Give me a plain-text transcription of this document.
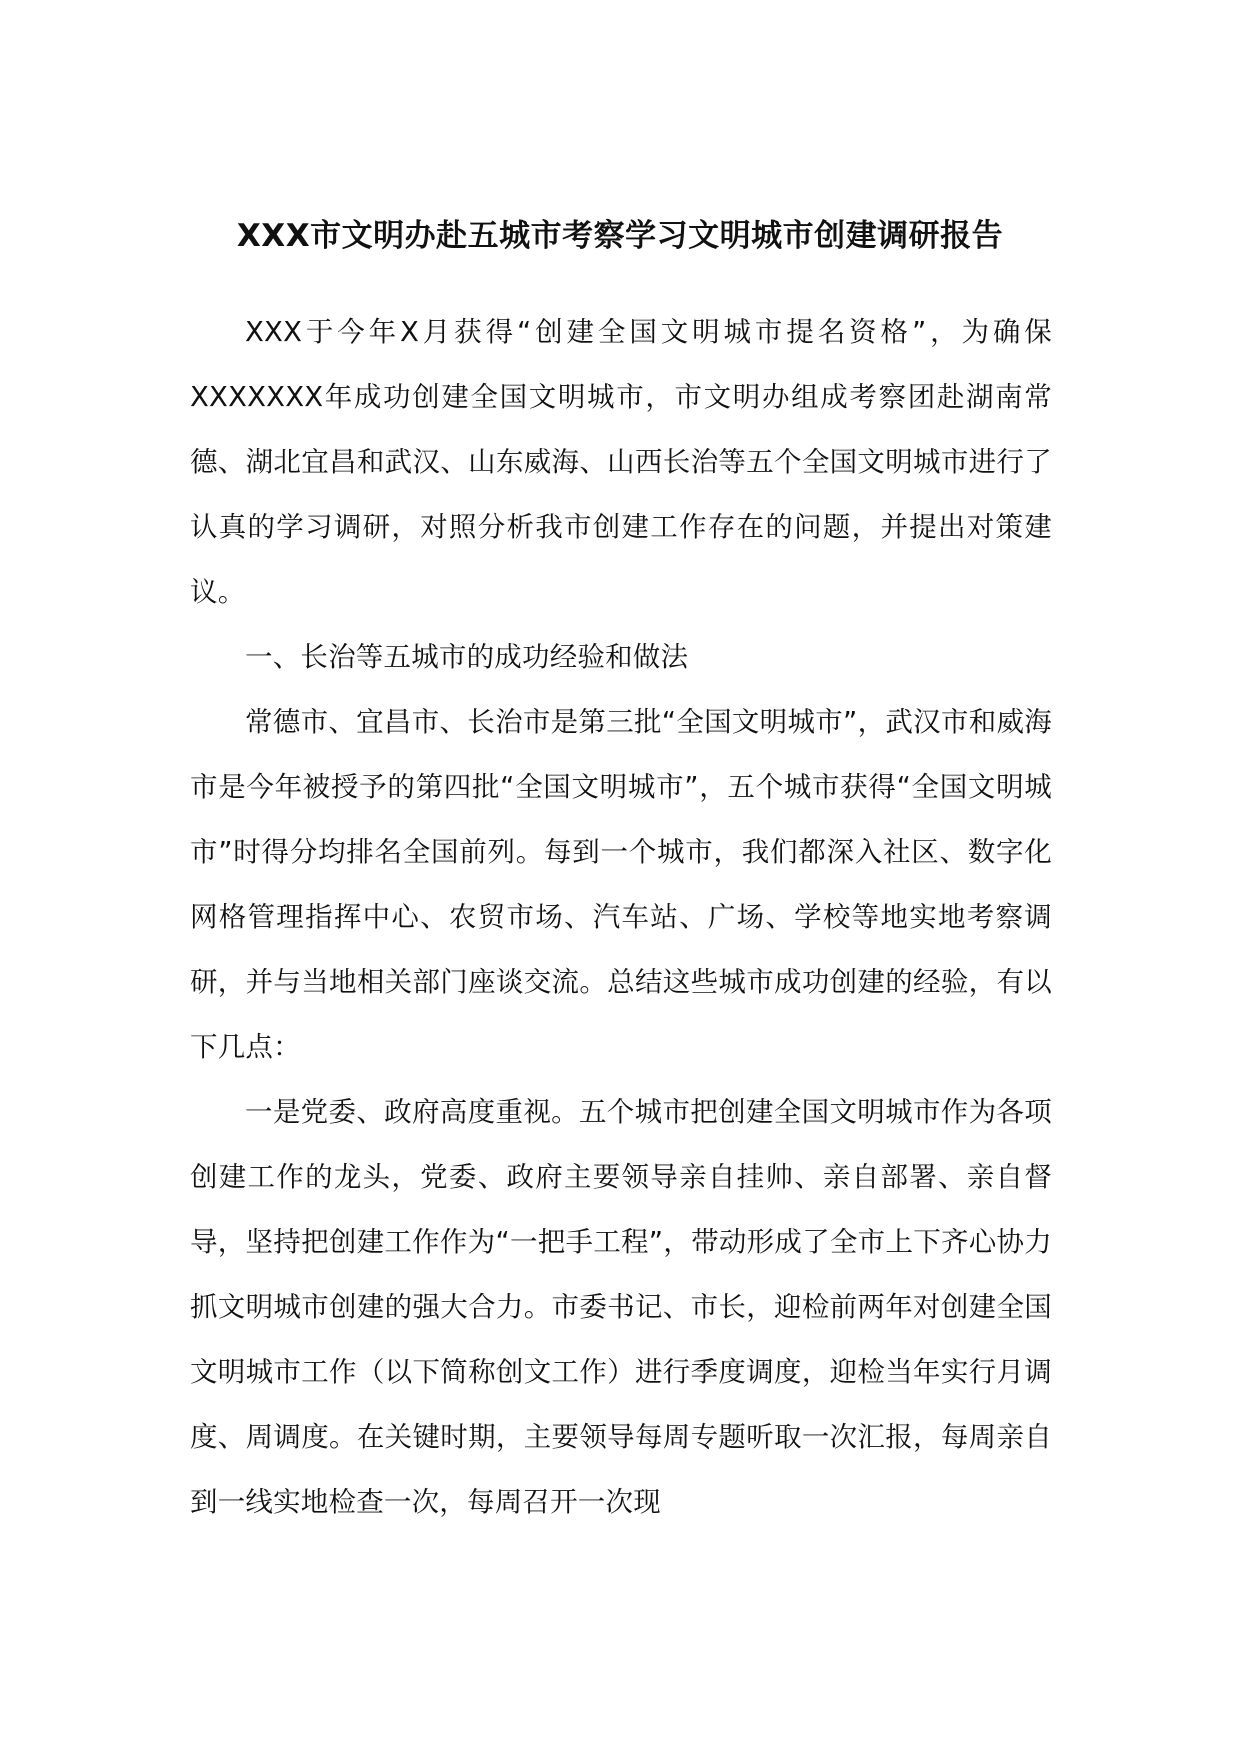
XXX市文明办赴五城市考察学习文明城市创建调研报告

XXX于今年X月获得“创建全国文明城市提名资格”，为确保XXXXXXX年成功创建全国文明城市，市文明办组成考察团赴湖南常德、湖北宜昌和武汉、山东威海、山西长治等五个全国文明城市进行了认真的学习调研，对照分析我市创建工作存在的问题，并提出对策建议。

一、长治等五城市的成功经验和做法

常德市、宜昌市、长治市是第三批“全国文明城市”，武汉市和威海市是今年被授予的第四批“全国文明城市”，五个城市获得“全国文明城市”时得分均排名全国前列。每到一个城市，我们都深入社区、数字化网格管理指挥中心、农贸市场、汽车站、广场、学校等地实地考察调研，并与当地相关部门座谈交流。总结这些城市成功创建的经验，有以下几点：

一是党委、政府高度重视。五个城市把创建全国文明城市作为各项创建工作的龙头，党委、政府主要领导亲自挂帅、亲自部署、亲自督导，坚持把创建工作作为“一把手工程”，带动形成了全市上下齐心协力抓文明城市创建的强大合力。市委书记、市长，迎检前两年对创建全国文明城市工作（以下简称创文工作）进行季度调度，迎检当年实行月调度、周调度。在关键时期，主要领导每周专题听取一次汇报，每周亲自到一线实地检查一次，每周召开一次现
